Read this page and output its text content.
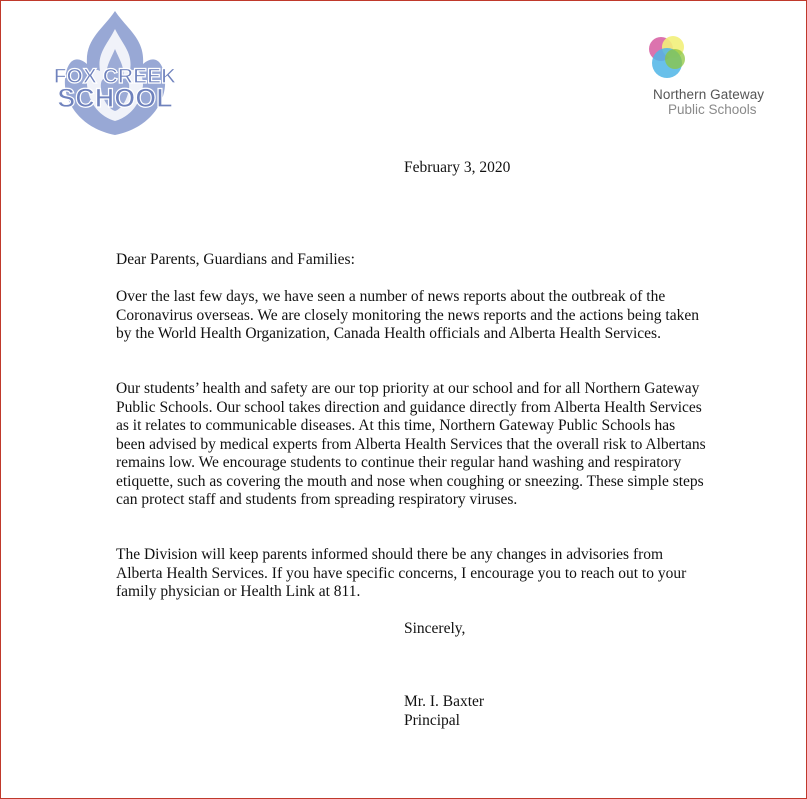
FOX CREEK
SCHOOL	Northern Gateway
Public Schools
February 3, 2020
Dear Parents, Guardians and Families:
Over the last few days, we have seen a number of news reports about the outbreak of the Coronavirus overseas. We are closely monitoring the news reports and the actions being taken by the World Health Organization, Canada Health officials and Alberta Health Services.
Our students’ health and safety are our top priority at our school and for all Northern Gateway Public Schools. Our school takes direction and guidance directly from Alberta Health Services as it relates to communicable diseases. At this time, Northern Gateway Public Schools has been advised by medical experts from Alberta Health Services that the overall risk to Albertans remains low. We encourage students to continue their regular hand washing and respiratory etiquette, such as covering the mouth and nose when coughing or sneezing. These simple steps can protect staff and students from spreading respiratory viruses.
The Division will keep parents informed should there be any changes in advisories from Alberta Health Services. If you have specific concerns, I encourage you to reach out to your family physician or Health Link at 811.
Sincerely,
Mr. I. Baxter
Principal
